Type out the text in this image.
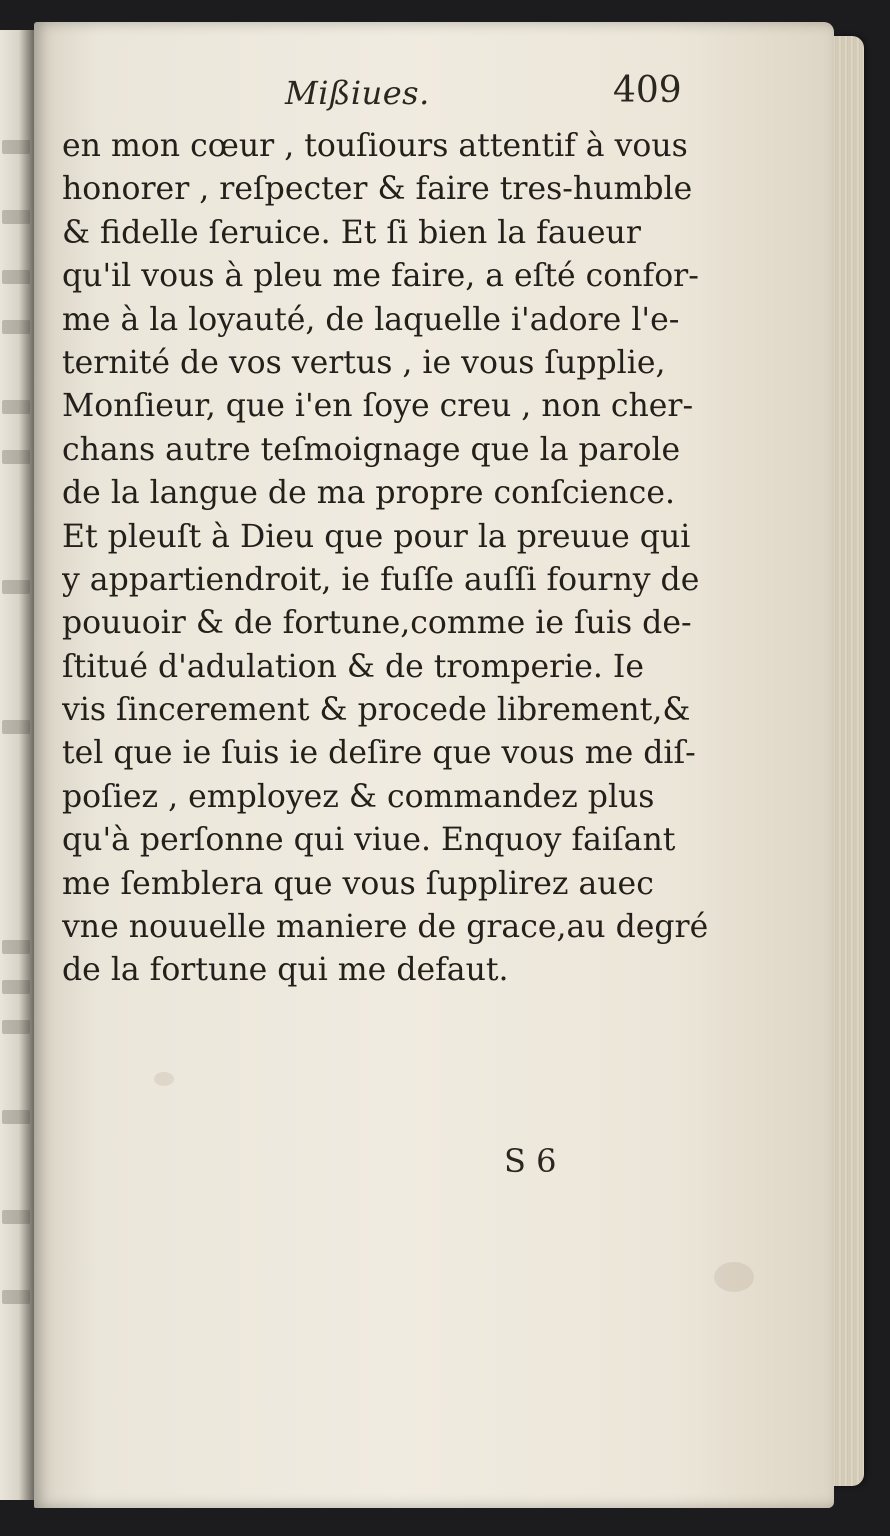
Mißiues.	409
en mon cœur , touſiours attentif à vous
honorer , reſpecter & faire tres-humble
& fidelle ſeruice. Et ſi bien la faueur
qu'il vous à pleu me faire, a eſté confor-
me à la loyauté, de laquelle i'adore l'e-
ternité de vos vertus , ie vous ſupplie,
Monſieur, que i'en ſoye creu , non cher-
chans autre teſmoignage que la parole
de la langue de ma propre conſcience.
Et pleuſt à Dieu que pour la preuue qui
y appartiendroit, ie fuſſe auſſi fourny de
pouuoir & de fortune,comme ie ſuis de-
ſtitué d'adulation & de tromperie. Ie
vis ſincerement & procede librement,&
tel que ie ſuis ie deſire que vous me diſ-
poſiez , employez & commandez plus
qu'à perſonne qui viue. Enquoy faiſant
me ſemblera que vous ſupplirez auec
vne nouuelle maniere de grace,au degré
de la fortune qui me defaut.
S 6
